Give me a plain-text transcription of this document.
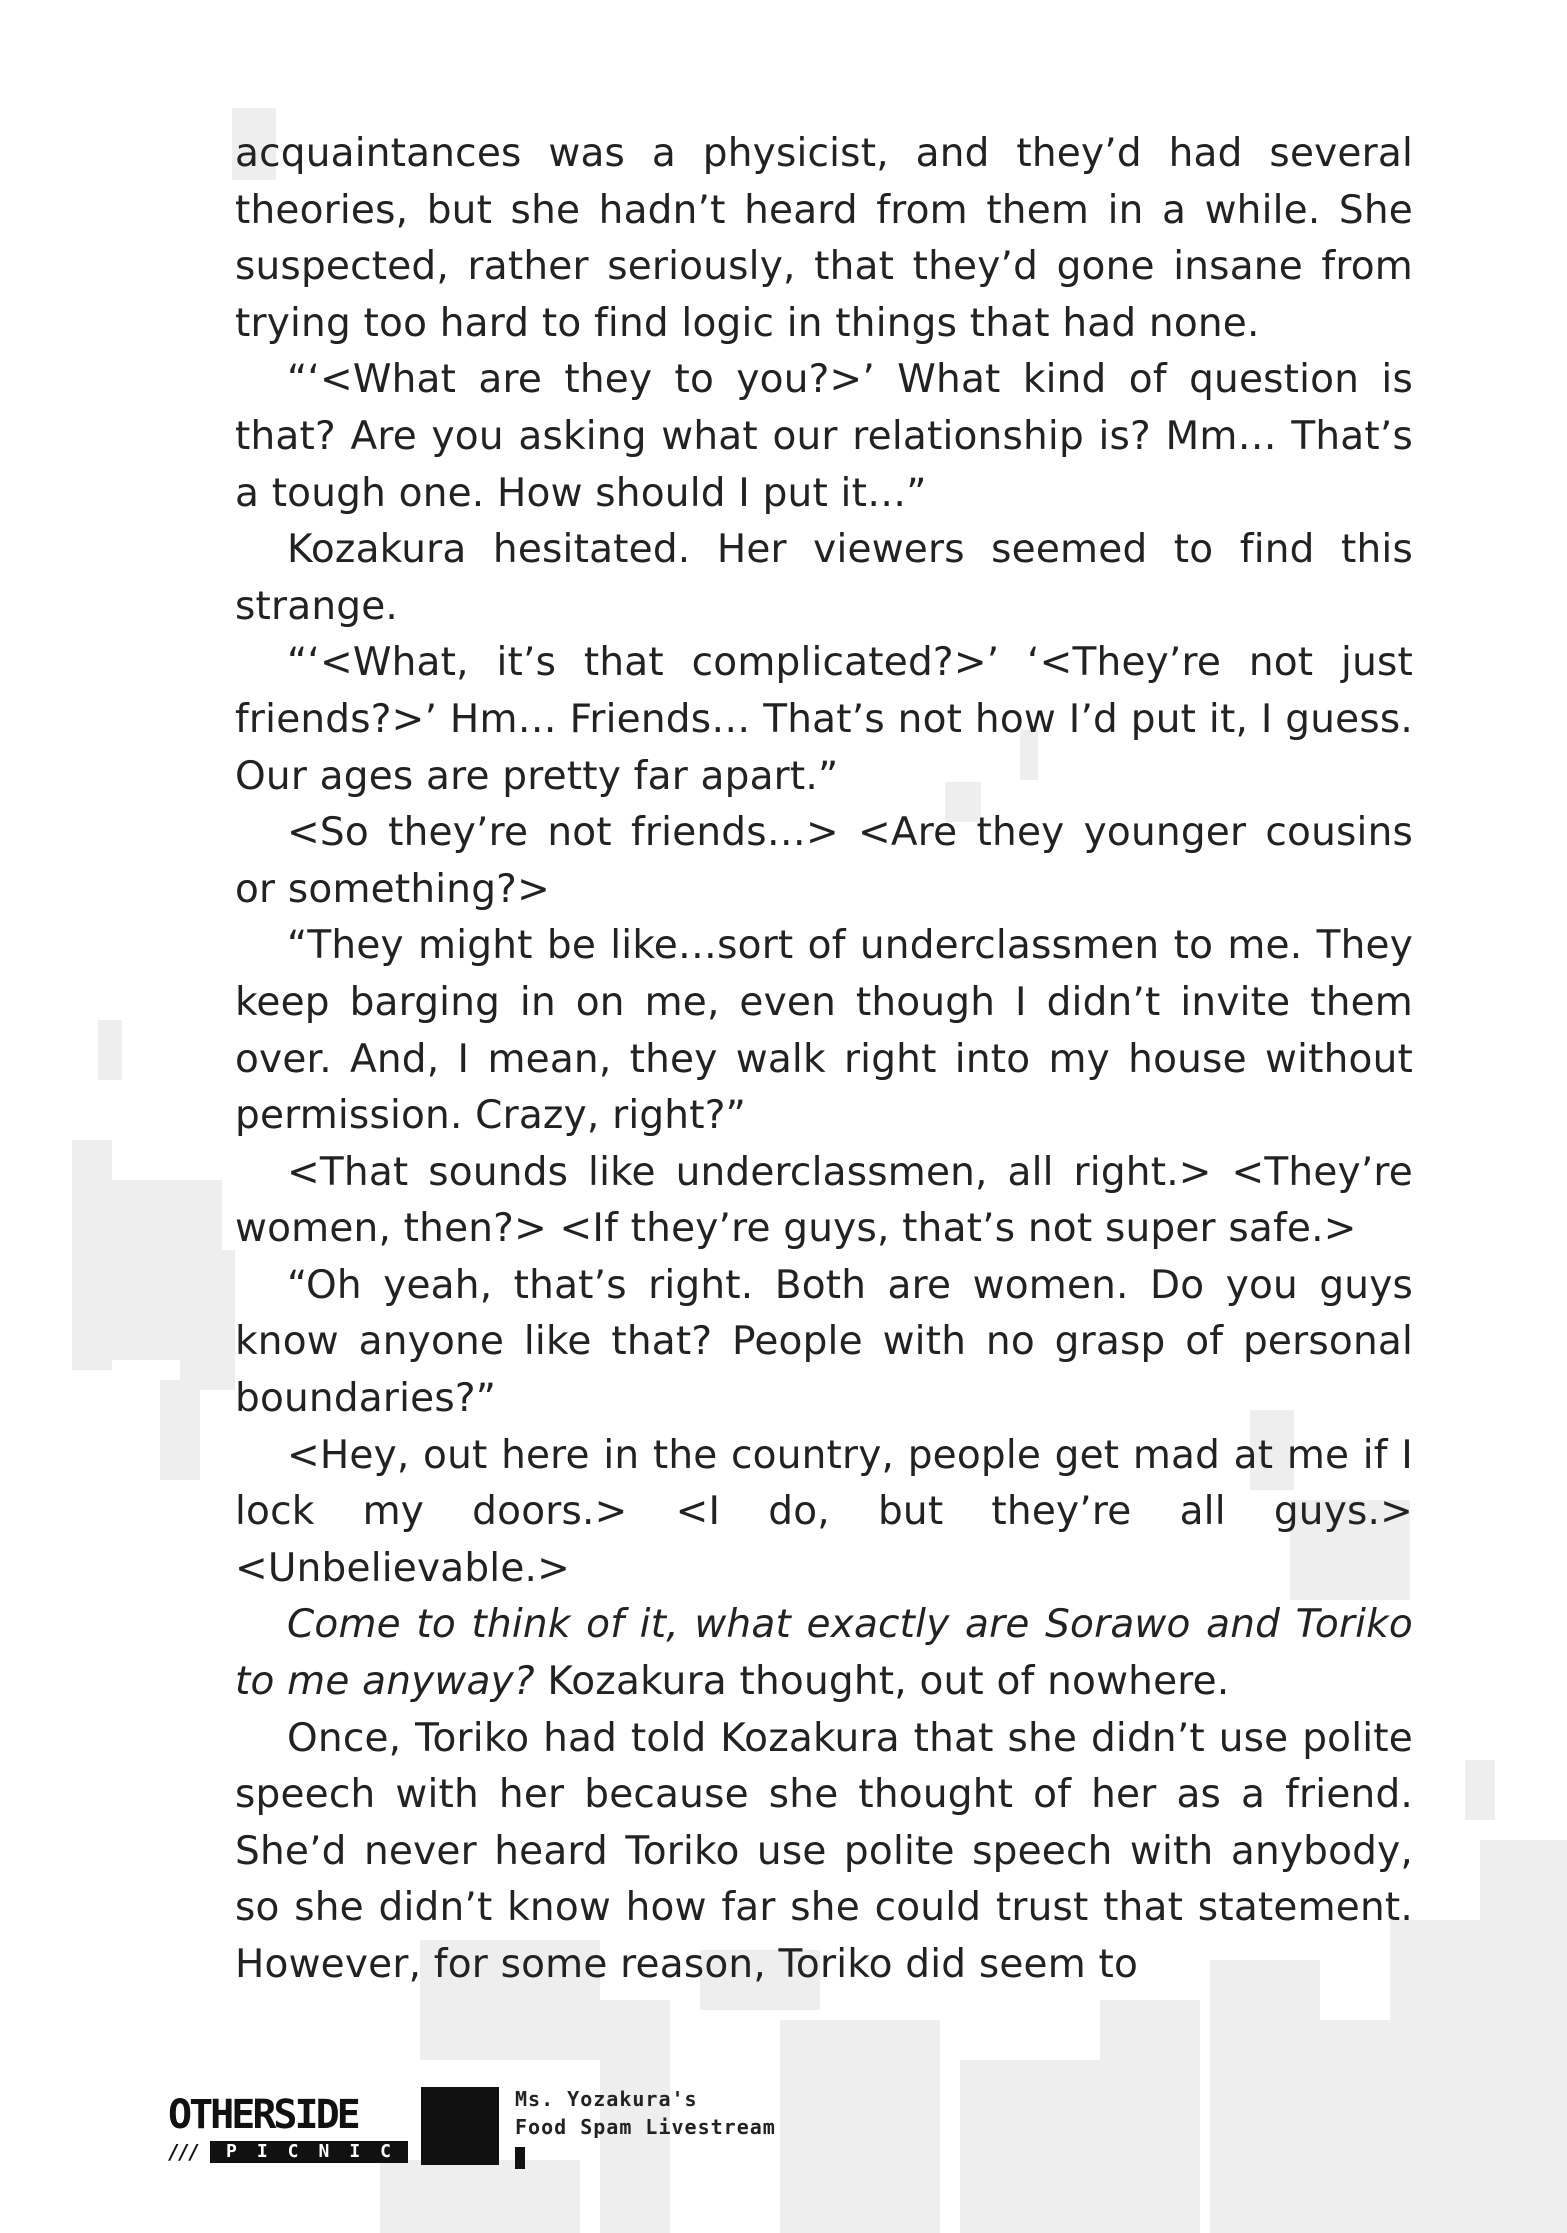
acquaintances was a physicist, and they’d had several theories, but she hadn’t heard from them in a while. She suspected, rather seriously, that they’d gone insane from trying too hard to find logic in things that had none.

“‘<What are they to you?>’ What kind of question is that? Are you asking what our relationship is? Mm… That’s a tough one. How should I put it…”

Kozakura hesitated. Her viewers seemed to find this strange.

“‘<What, it’s that complicated?>’ ‘<They’re not just friends?>’ Hm… Friends… That’s not how I’d put it, I guess. Our ages are pretty far apart.”

<So they’re not friends…> <Are they younger cousins or something?>

“They might be like…sort of underclassmen to me. They keep barging in on me, even though I didn’t invite them over. And, I mean, they walk right into my house without permission. Crazy, right?”

<That sounds like underclassmen, all right.> <They’re women, then?> <If they’re guys, that’s not super safe.>

“Oh yeah, that’s right. Both are women. Do you guys know anyone like that? People with no grasp of personal boundaries?”

<Hey, out here in the country, people get mad at me if I lock my doors.> <I do, but they’re all guys.> <Unbelievable.>

Come to think of it, what exactly are Sorawo and Toriko to me anyway? Kozakura thought, out of nowhere.

Once, Toriko had told Kozakura that she didn’t use polite speech with her because she thought of her as a friend. She’d never heard Toriko use polite speech with anybody, so she didn’t know how far she could trust that statement. However, for some reason, Toriko did seem to

OTHERSIDE
///	PICNIC
Ms. Yozakura's
Food Spam Livestream
